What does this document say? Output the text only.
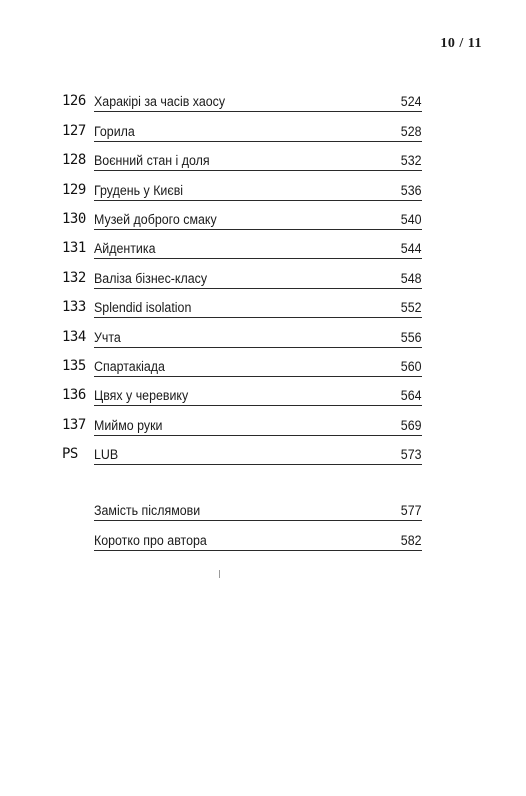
10 / 11
126 Харакірі за часів хаосу	524
127 Горила	528
128 Воєнний стан і доля	532
129 Грудень у Києві	536
130 Музей доброго смаку	540
131 Айдентика	544
132 Валіза бізнес-класу	548
133 Splendid isolation	552
134 Учта	556
135 Спартакіада	560
136 Цвях у черевику	564
137 Миймо руки	569
PS	LUB	573
Замість післямови	577
Коротко про автора	582
